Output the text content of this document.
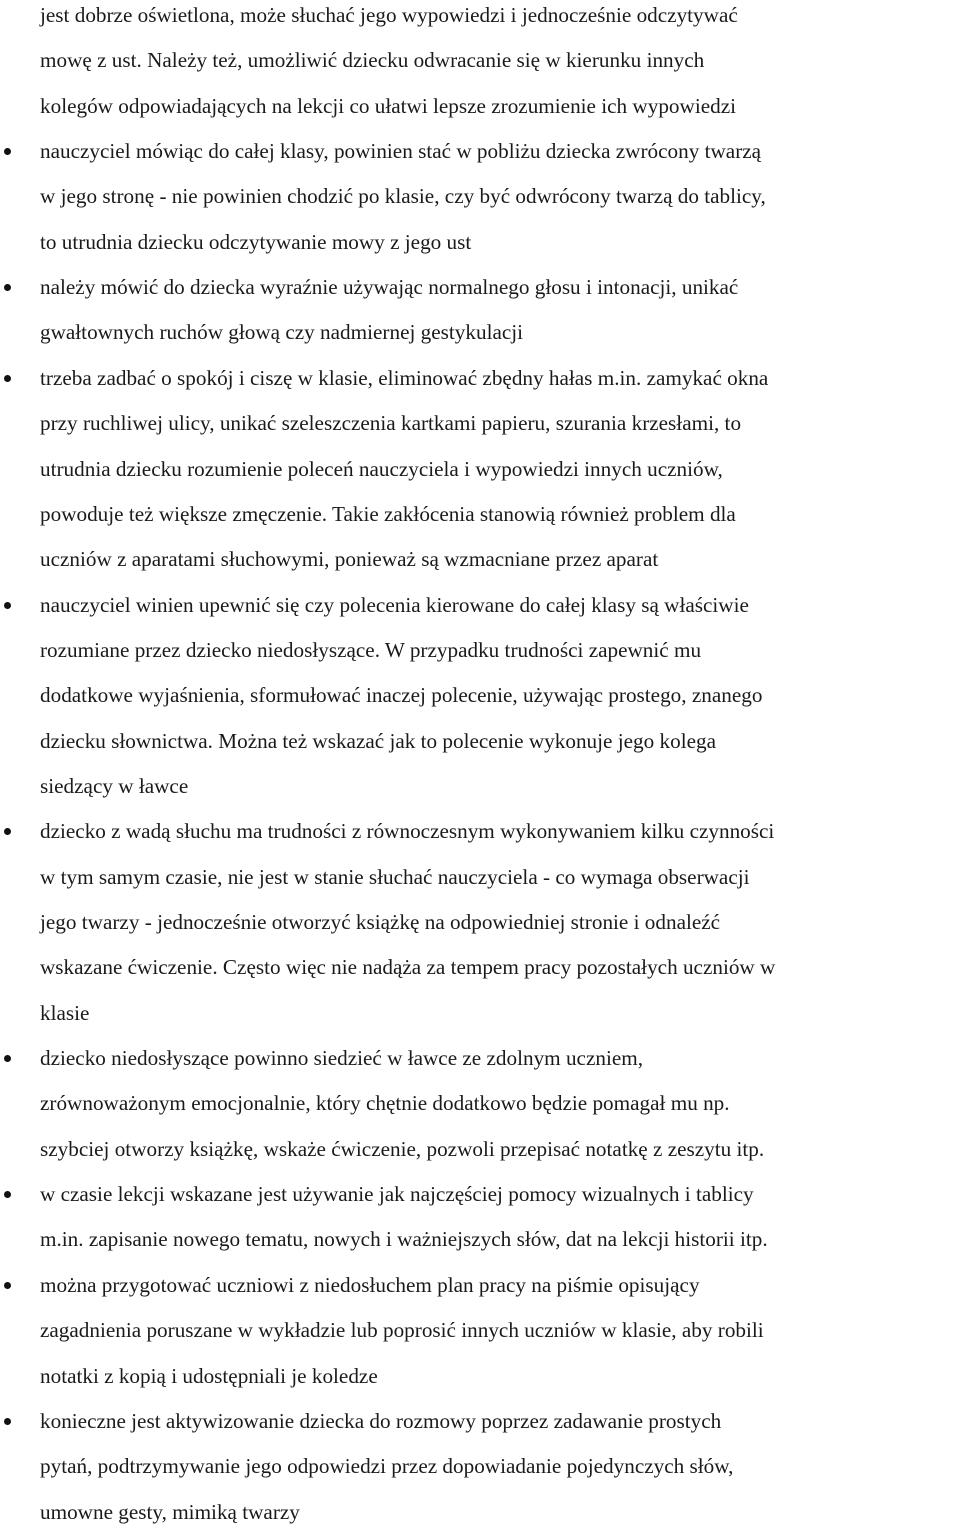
jest dobrze oświetlona, może słuchać jego wypowiedzi i jednocześnie odczytywać
mowę z ust. Należy też, umożliwić dziecku odwracanie się w kierunku innych
kolegów odpowiadających na lekcji co ułatwi lepsze zrozumienie ich wypowiedzi
nauczyciel mówiąc do całej klasy, powinien stać w pobliżu dziecka zwrócony twarzą
w jego stronę - nie powinien chodzić po klasie, czy być odwrócony twarzą do tablicy,
to utrudnia dziecku odczytywanie mowy z jego ust
należy mówić do dziecka wyraźnie używając normalnego głosu i intonacji, unikać
gwałtownych ruchów głową czy nadmiernej gestykulacji
trzeba zadbać o spokój i ciszę w klasie, eliminować zbędny hałas m.in. zamykać okna
przy ruchliwej ulicy, unikać szeleszczenia kartkami papieru, szurania krzesłami, to
utrudnia dziecku rozumienie poleceń nauczyciela i wypowiedzi innych uczniów,
powoduje też większe zmęczenie. Takie zakłócenia stanowią również problem dla
uczniów z aparatami słuchowymi, ponieważ są wzmacniane przez aparat
nauczyciel winien upewnić się czy polecenia kierowane do całej klasy są właściwie
rozumiane przez dziecko niedosłyszące. W przypadku trudności zapewnić mu
dodatkowe wyjaśnienia, sformułować inaczej polecenie, używając prostego, znanego
dziecku słownictwa. Można też wskazać jak to polecenie wykonuje jego kolega
siedzący w ławce
dziecko z wadą słuchu ma trudności z równoczesnym wykonywaniem kilku czynności
w tym samym czasie, nie jest w stanie słuchać nauczyciela - co wymaga obserwacji
jego twarzy - jednocześnie otworzyć książkę na odpowiedniej stronie i odnaleźć
wskazane ćwiczenie. Często więc nie nadąża za tempem pracy pozostałych uczniów w
klasie
dziecko niedosłyszące powinno siedzieć w ławce ze zdolnym uczniem,
zrównoważonym emocjonalnie, który chętnie dodatkowo będzie pomagał mu np.
szybciej otworzy książkę, wskaże ćwiczenie, pozwoli przepisać notatkę z zeszytu itp.
w czasie lekcji wskazane jest używanie jak najczęściej pomocy wizualnych i tablicy
m.in. zapisanie nowego tematu, nowych i ważniejszych słów, dat na lekcji historii itp.
można przygotować uczniowi z niedosłuchem plan pracy na piśmie opisujący
zagadnienia poruszane w wykładzie lub poprosić innych uczniów w klasie, aby robili
notatki z kopią i udostępniali je koledze
konieczne jest aktywizowanie dziecka do rozmowy poprzez zadawanie prostych
pytań, podtrzymywanie jego odpowiedzi przez dopowiadanie pojedynczych słów,
umowne gesty, mimiką twarzy
